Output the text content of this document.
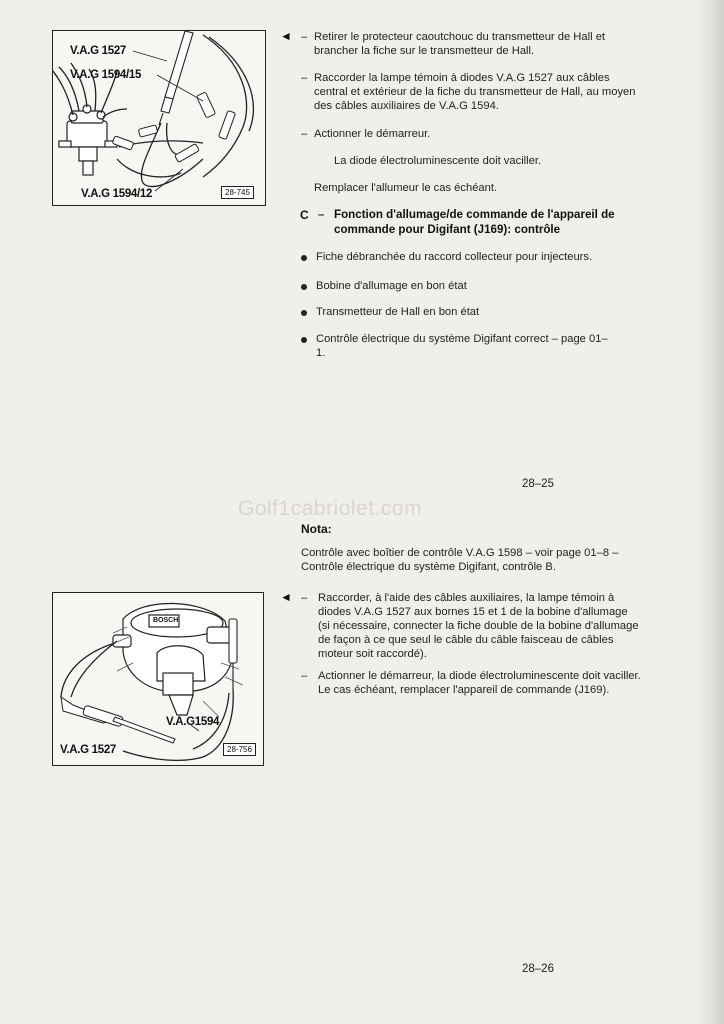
Golf1cabriolet.com
V.A.G 1527
V.A.G 1594/15
V.A.G 1594/12	28-745
◄ – Retirer le protecteur caoutchouc du transmetteur de Hall et brancher la fiche sur le transmetteur de Hall.
– Raccorder la lampe témoin à diodes V.A.G 1527 aux câbles central et extérieur de la fiche du transmetteur de Hall, au moyen des câbles auxiliaires de V.A.G 1594.
– Actionner le démarreur.
La diode électroluminescente doit vaciller.
Remplacer l'allumeur le cas échéant.
C – Fonction d'allumage/de commande de l'appareil de commande pour Digifant (J169): contrôle
Fiche débranchée du raccord collecteur pour injecteurs.
Bobine d'allumage en bon état
Transmetteur de Hall en bon état
Contrôle électrique du système Digifant correct – page 01–1.
28–25
Nota:
Contrôle avec boîtier de contrôle V.A.G 1598 – voir page 01–8 – Contrôle électrique du système Digifant, contrôle B.
BOSCH
V.A.G1594
V.A.G 1527	28-756
◄ – Raccorder, à l'aide des câbles auxiliaires, la lampe témoin à diodes V.A.G 1527 aux bornes 15 et 1 de la bobine d'allumage (si nécessaire, connecter la fiche double de la bobine d'allumage de façon à ce que seul le câble du câble faisceau de câbles moteur soit raccordé).
– Actionner le démarreur, la diode électroluminescente doit vaciller. Le cas échéant, remplacer l'appareil de commande (J169).
28–26
